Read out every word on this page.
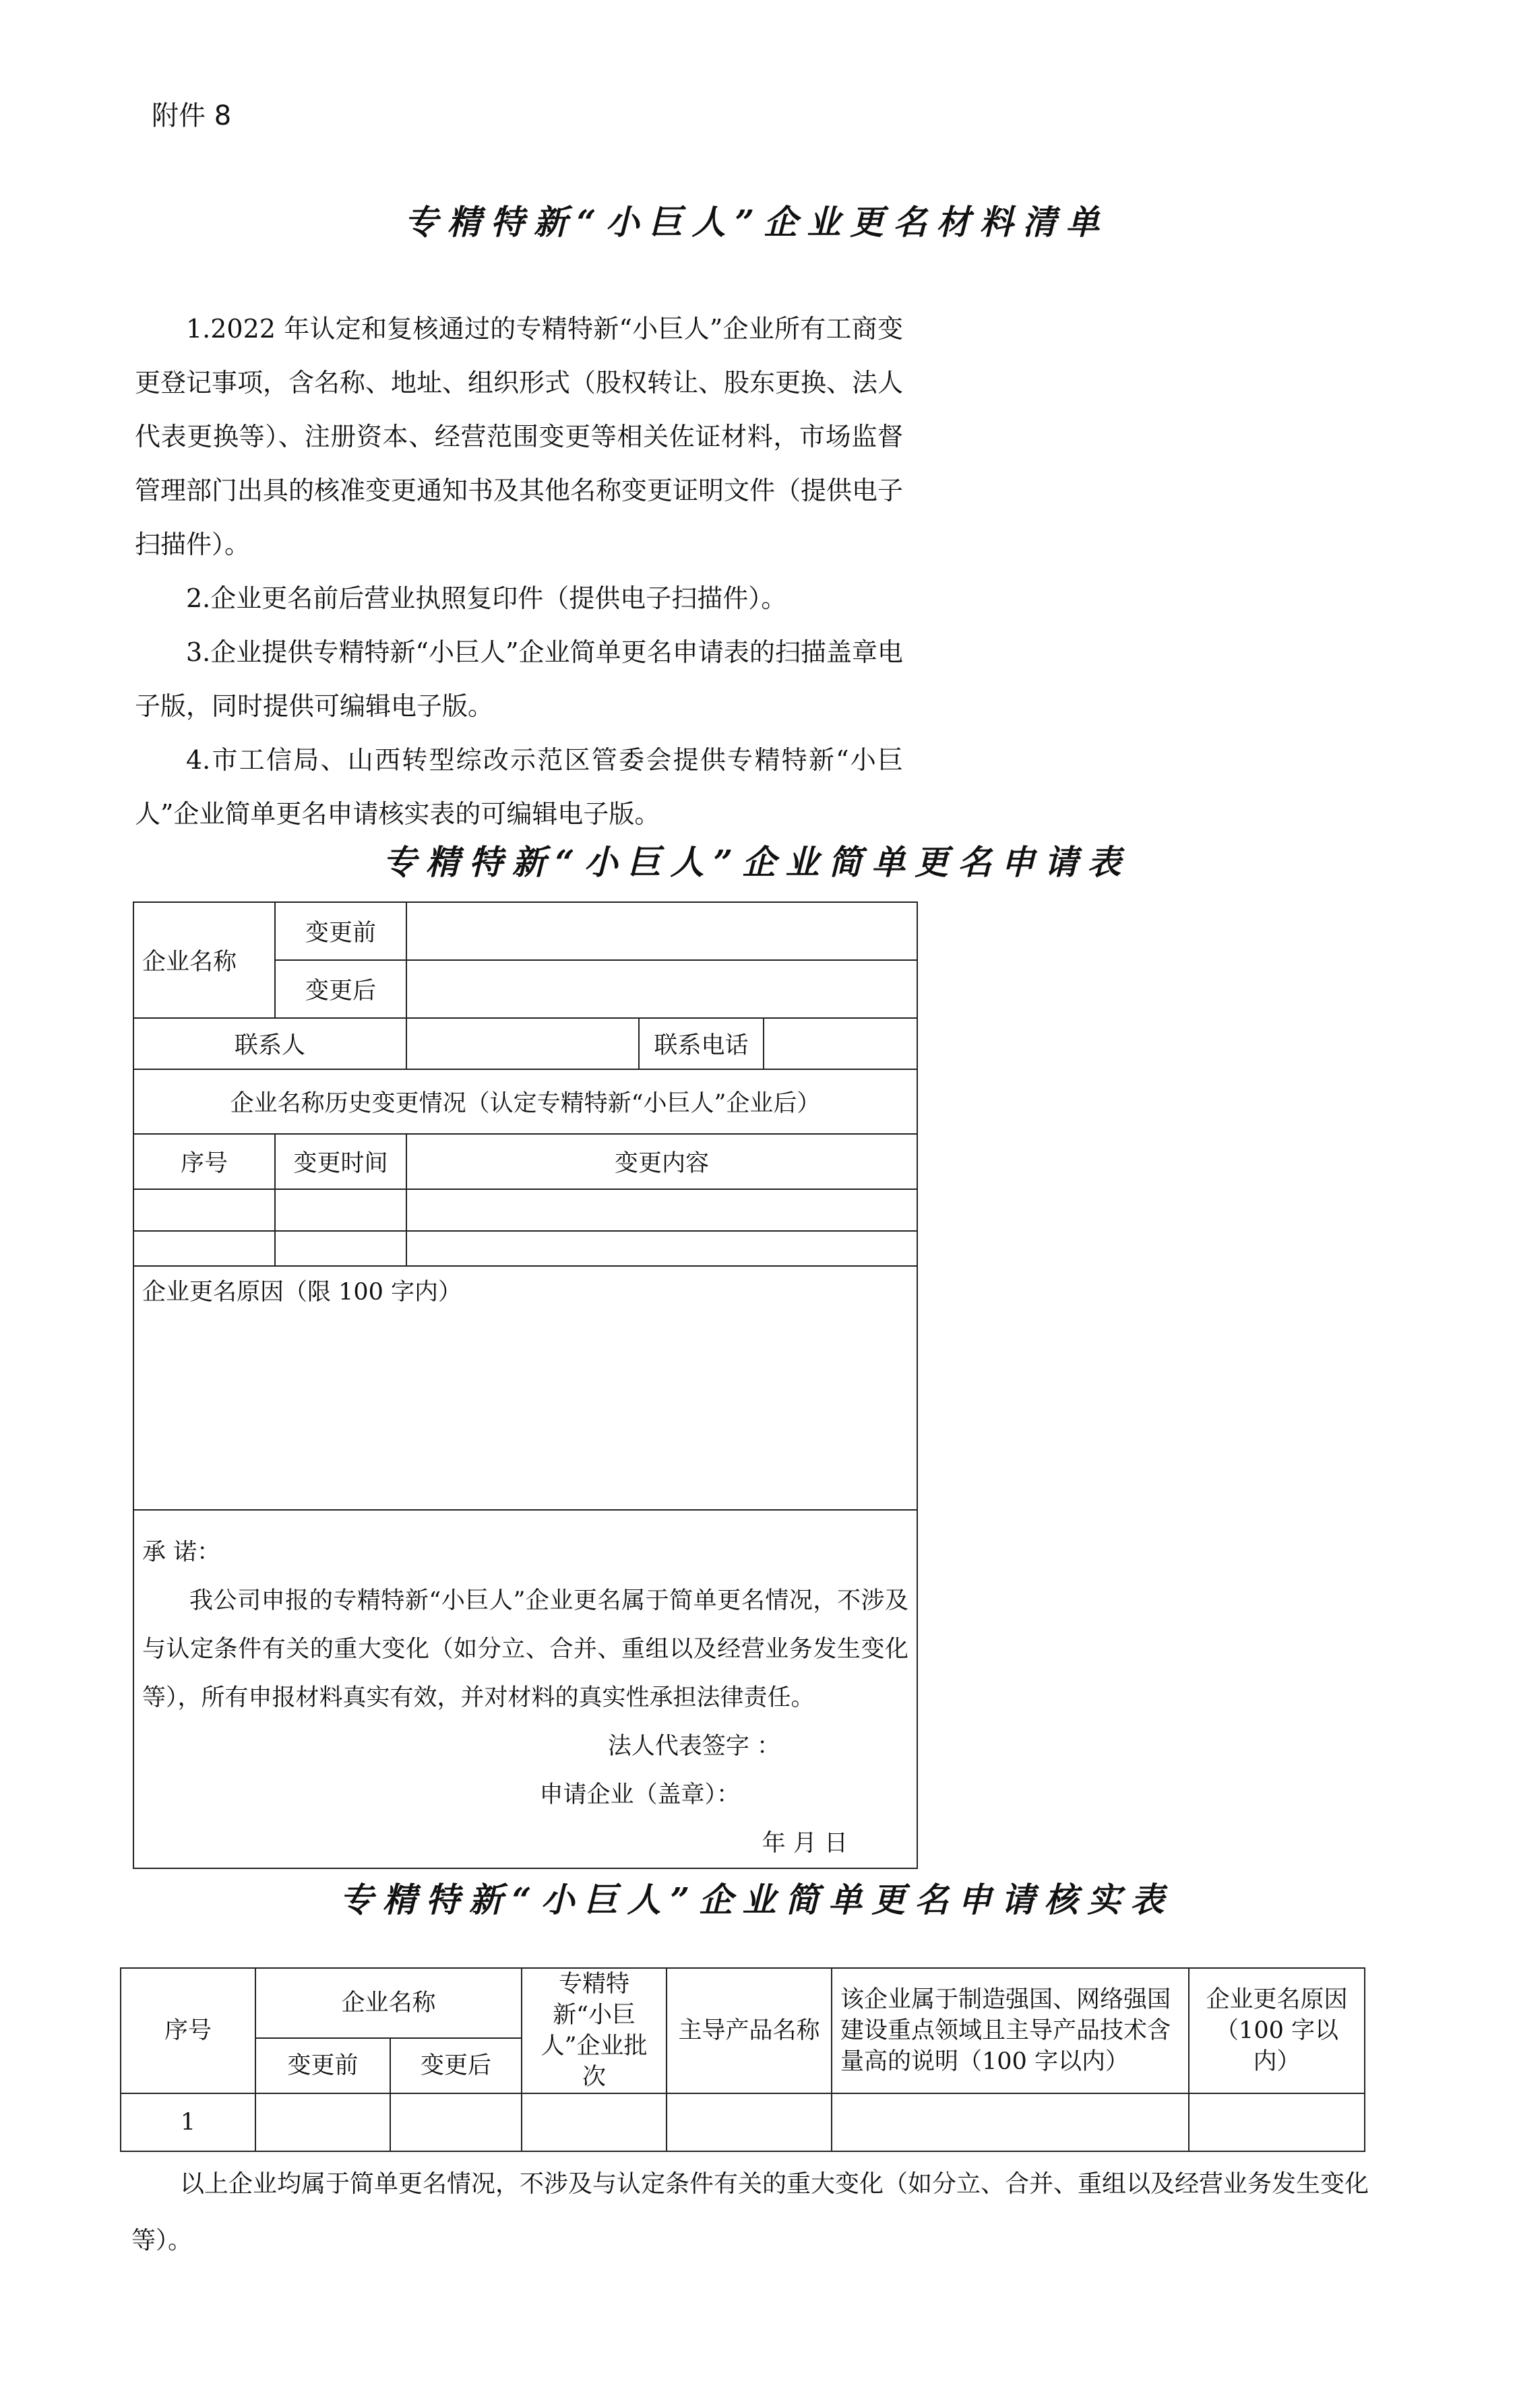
附件 8
专精特新“小巨人”企业更名材料清单

1.2022 年认定和复核通过的专精特新“小巨人”企业所有工商变更登记事项，含名称、地址、组织形式（股权转让、股东更换、法人代表更换等）、注册资本、经营范围变更等相关佐证材料，市场监督管理部门出具的核准变更通知书及其他名称变更证明文件（提供电子扫描件）。

2.企业更名前后营业执照复印件（提供电子扫描件）。

3.企业提供专精特新“小巨人”企业简单更名申请表的扫描盖章电子版，同时提供可编辑电子版。

4.市工信局、山西转型综改示范区管委会提供专精特新“小巨人”企业简单更名申请核实表的可编辑电子版。

专精特新“小巨人”企业简单更名申请表
企业名称	变更前			
	变更后			
联系人			联系电话	
企业名称历史变更情况（认定专精特新“小巨人”企业后）				
序号	变更时间	变更内容		

企业更名原因（限 100 字内）				

承 诺：
我公司申报的专精特新“小巨人”企业更名属于简单更名情况，不涉及与认定条件有关的重大变化（如分立、合并、重组以及经营业务发生变化等），所有申报材料真实有效，并对材料的真实性承担法律责任。
法人代表签字 ：
申请企业（盖章）：
年 月 日				
专精特新“小巨人”企业简单更名申请核实表
序号	企业名称		专精特新“小巨人”企业批次	主导产品名称	该企业属于制造强国、网络强国建设重点领域且主导产品技术含量高的说明（100 字以内）	企业更名原因（100 字以内）
	变更前	变更后				
1						

以上企业均属于简单更名情况，不涉及与认定条件有关的重大变化（如分立、合并、重组以及经营业务发生变化等）。
